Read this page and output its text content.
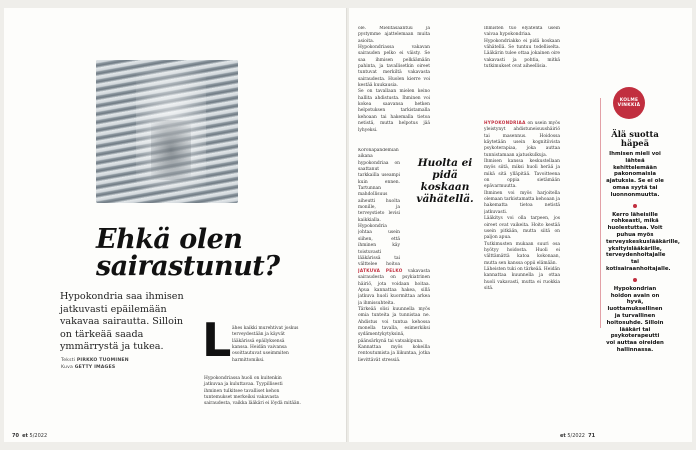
Ehkä olen
sairastunut?
Hypokondria saa ihmisen jatkuvasti epäilemään vakavaa sairautta. Silloin on tärkeää saada ymmärrystä ja tukea.
Teksti PIRKKO TUOMINEN
Kuva GETTY IMAGES	L ähes kaikki murehtivat joskus terveydestään ja käyvät lääkärissä epäilyksensä kanssa. Heidän vaivansa osoittautuvat useimmiten harmittomiksi.
Hypokondriassa huoli on kuitenkin jatkuvaa ja kuluttavaa. Tyypillisesti ihminen tulkitsee tavalliset kehon tuntemukset merkeiksi vakavasta sairaudesta, vaikka lääkäri ei löydä mitään.
70 et 5/2022

ole. Mielitasaantuu ja pystymme ajattelemaan muita asioita.

Hypokondriassa vakavan sairauden pelko ei väisty. Se saa ihmisen pelkäämään pahinta, ja tavallisetkin oireet tuntuvat merkiltä vakavasta sairaudesta. Huolen kierre voi kestää kuukausia.

Se on tavallaan mielen keino hallita ahdistusta. Ihminen voi kokea saavansa hetken helpotuksen tarkistamalla kehoaan tai hakemalla tietoa netistä, mutta helpotus jää lyhyeksi.

Koronapandemian aikana hypokondriaa on saattanut tarkkailla useampi kuin ennen. Tartunnan mahdollisuus aiheutti huolta monille, ja terveystieto levisi kaikkialla.

Hypokondria johtaa usein siihen, että ihminen käy toistuvasti lääkärissä tai välttelee hoitoa

JATKUVA PELKO vakavasta sairaudesta on psykiatrinen häiriö, jota voidaan hoitaa. Apua kannattaa hakea, sillä jatkuva huoli kuormittaa arkea ja ihmissuhteita.

Tärkeää olisi kuunnella myös omia tunteita ja tunnistaa ne. Ahdistus voi tuntua kehossa monella tavalla, esimerkiksi sydämentykytyksinä, päänsärkynä tai vatsakipuna.

Kannattaa myös kokeilla rentoutumista ja liikuntaa, jotka lievittävät stressiä.

Huolta ei pidä koskaan vähätellä.

Ihmisten tuo elyatentä usein vaivaa hypokondriaa.

Hypokondriakko ei pidä koskaan vähätellä. Se tuntuu todelliselta. Lääkärin tulee ottaa jokainen oire vakavasti ja pohtia, mitkä tutkimukset ovat aiheellisia.

HYPOKONDRIAA on usein myös yleistynyt ahdistuneisuushäiriö tai masennus. Hoidossa käytetään usein kognitiivista psykoterapiaa, joka auttaa tunnistamaan ajatuskulkuja.

Ihmisen kanssa keskustellaan myös siitä, miksi huoli herää ja mikä sitä ylläpitää. Tavoitteena on oppia sietämään epävarmuutta.

Ihminen voi myös harjoitella olemaan tarkistamatta kehoaan ja hakematta tietoa netistä jatkuvasti.

Lääkitys voi olla tarpeen, jos oireet ovat vaikeita. Hoito kestää usein pitkään, mutta siitä on paljon apua.

Tutkimusten mukaan suuri osa hyötyy hoidosta. Huoli ei välttämättä katoa kokonaan, mutta sen kanssa oppii elämään.

Läheisten tuki on tärkeää. Heidän kannattaa kuunnella ja ottaa huoli vakavasti, mutta ei ruokkia sitä.

KOLME
VINKKIÄ
Älä suotta häpeä
Ihmisen mieli voi lähteä kehittelemään pakonomaisia ajatuksia. Se ei ole omaa syytä tai luonnonmuutta.
Kerro läheisille rohkeasti, mikä huolestuttaa. Voit puhua myös terveyskeskuslääkärille, yksityislääkärille, terveydenhoitajalle tai kotisairaanhoitajalle.
Hypokondrian hoidon avain on hyvä, luottamuksellinen ja turvallinen hoitosuhde. Silloin lääkäri tai psykoterapeutti voi auttaa oireiden hallinnassa.
et 5/2022 71
